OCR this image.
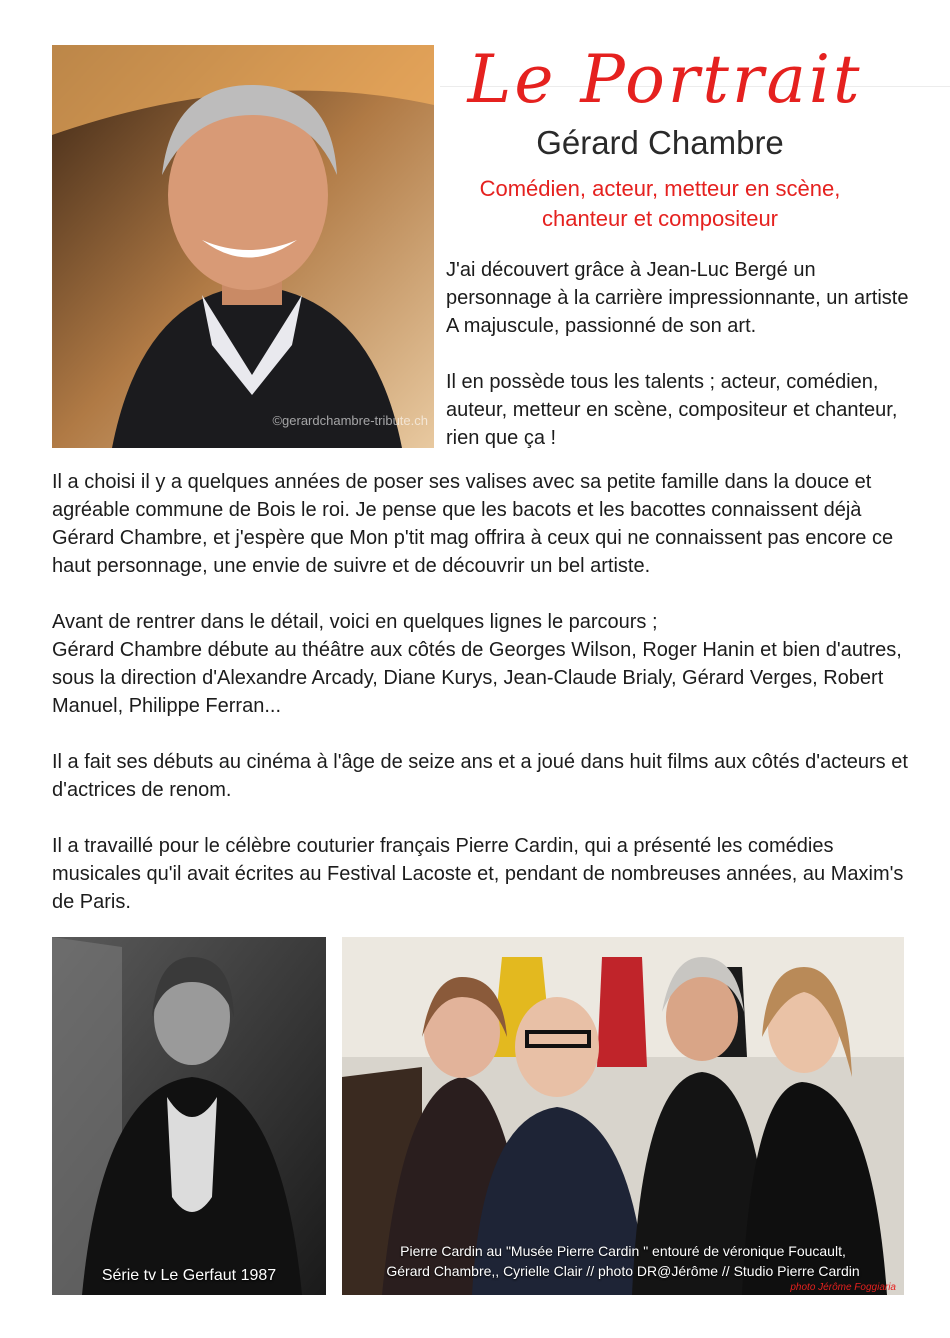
©gerardchambre-tribute.ch
Le Portrait
Gérard Chambre
Comédien, acteur, metteur en scène,
chanteur et compositeur

J'ai découvert grâce à Jean-Luc Bergé un personnage à la carrière impressionnante, un artiste A majuscule, passionné de son art.

Il en possède tous les talents ; acteur, comédien, auteur, metteur en scène, compositeur et chanteur, rien que ça !

Il a choisi il y a quelques années de poser ses valises avec sa petite famille dans la douce et agréable commune de Bois le roi. Je pense que les bacots et les bacottes connaissent déjà Gérard Chambre, et j'espère que Mon p'tit mag offrira à ceux qui ne connaissent pas encore ce haut personnage, une envie de suivre et de découvrir un bel artiste.

Avant de rentrer dans le détail, voici en quelques lignes le parcours ;
Gérard Chambre débute au théâtre aux côtés de Georges Wilson, Roger Hanin et bien d'autres, sous la direction d'Alexandre Arcady, Diane Kurys, Jean-Claude Brialy, Gérard Verges, Robert Manuel, Philippe Ferran...

Il a fait ses débuts au cinéma à l'âge de seize ans et a joué dans huit films aux côtés d'acteurs et d'actrices de renom.

Il a travaillé pour le célèbre couturier français Pierre Cardin, qui a présenté les comédies musicales qu'il avait écrites au Festival Lacoste et, pendant de nombreuses années, au Maxim's de Paris.

Série tv Le Gerfaut 1987
Pierre Cardin au "Musée Pierre Cardin " entouré de véronique Foucault,
Gérard Chambre,, Cyrielle Clair // photo DR@Jérôme // Studio Pierre Cardin
photo Jérôme Foggiaria
